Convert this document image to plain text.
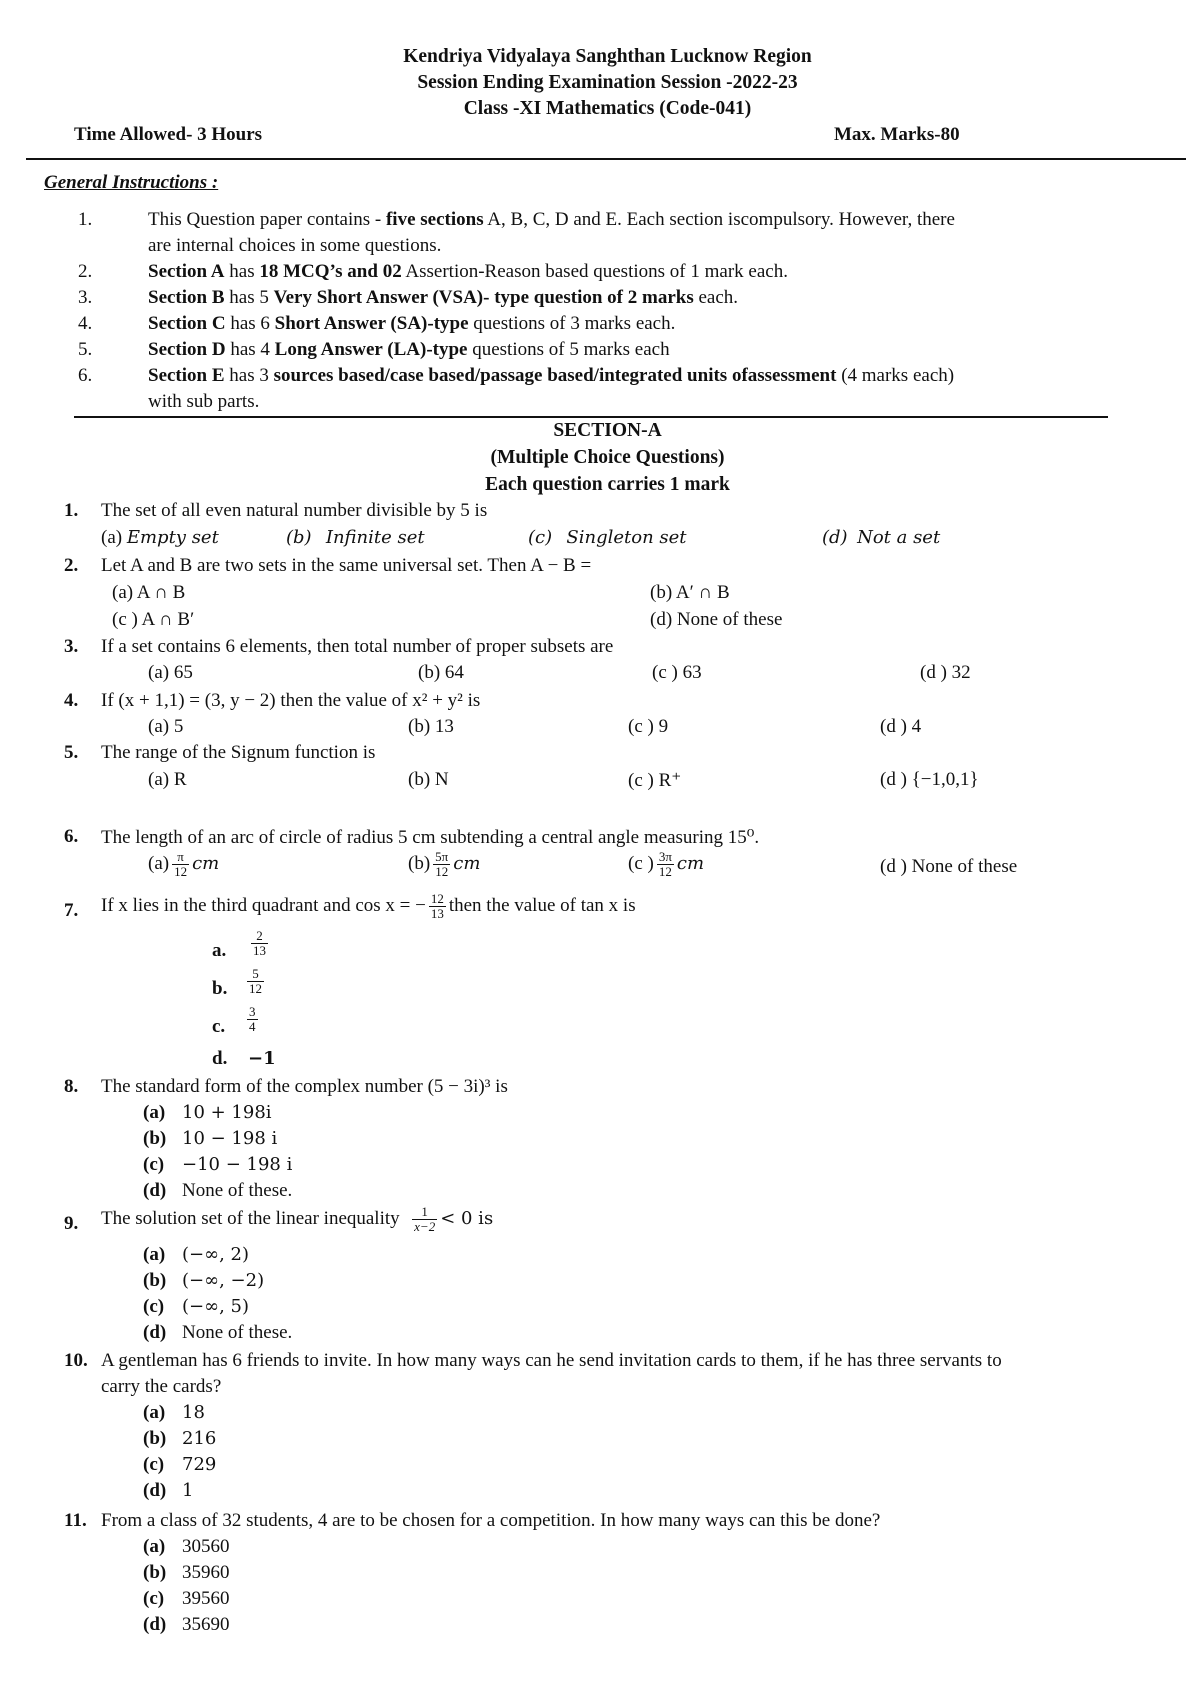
Kendriya Vidyalaya Sanghthan Lucknow Region
Session Ending Examination Session -2022-23
Class -XI Mathematics (Code-041)
Time Allowed- 3 Hours	Max. Marks-80
General Instructions :
1.	This Question paper contains - five sections A, B, C, D and E. Each section iscompulsory. However, there
are internal choices in some questions.
2.	Section A has 18 MCQ’s and 02 Assertion-Reason based questions of 1 mark each.
3.	Section B has 5 Very Short Answer (VSA)- type question of 2 marks each.
4.	Section C has 6 Short Answer (SA)-type questions of 3 marks each.
5.	Section D has 4 Long Answer (LA)-type questions of 5 marks each
6.	Section E has 3 sources based/case based/passage based/integrated units ofassessment (4 marks each)
with sub parts.
SECTION-A
(Multiple Choice Questions)
Each question carries 1 mark
1. The set of all even natural number divisible by 5 is
(a) Empty set	(b) Infinite set	(c) Singleton set	(d) Not a set
2. Let A and B are two sets in the same universal set. Then A − B =
(a) A ∩ B	(b) A′ ∩ B
(c ) A ∩ B′	(d) None of these
3. If a set contains 6 elements, then total number of proper subsets are
(a) 65	(b) 64	(c ) 63	(d ) 32
4. If (x + 1,1) = (3, y − 2) then the value of x² + y² is
(a) 5	(b) 13	(c ) 9	(d ) 4
5. The range of the Signum function is
(a) R	(b) N	(c ) R⁺	(d ) {−1,0,1}
6. The length of an arc of circle of radius 5 cm subtending a central angle measuring 15⁰.
$(a) \frac{\pi}{12}$ cm	$(b) \frac{5\pi}{12}$ cm	(c ) $\frac{3\pi}{12}$ cm	(d ) None of these
7. If x lies in the third quadrant and cos x = − $\frac{12}{13}$ then the value of tan x is
a. $\frac{2}{13}$
b. $\frac{5}{12}$
c. $\frac{3}{4}$
d. −1
8. The standard form of the complex number (5 − 3i)³ is
(a) 10 + 198i
(b) 10 − 198 i
(c) −10 − 198 i
(d) None of these.
9. The solution set of the linear inequality $\frac{1}{x-2} < 0$ is
(a) (−∞, 2)
(b) (−∞, −2)
(c) (−∞, 5)
(d) None of these.
10. A gentleman has 6 friends to invite. In how many ways can he send invitation cards to them, if he has three servants to
carry the cards?
(a) 18
(b) 216
(c) 729
(d) 1
11. From a class of 32 students, 4 are to be chosen for a competition. In how many ways can this be done?
(a) 30560
(b) 35960
(c) 39560
(d) 35690
